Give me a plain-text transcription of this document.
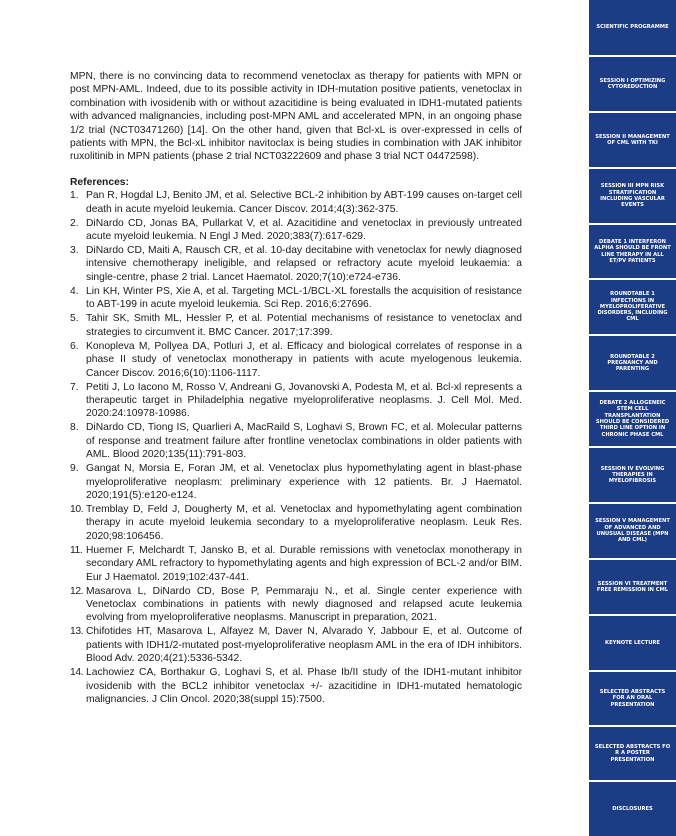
MPN, there is no convincing data to recommend venetoclax as therapy for patients with MPN or post MPN-AML. Indeed, due to its possible activity in IDH-mutation positive patients, venetoclax in combination with ivosidenib with or without azacitidine is being evaluated in IDH1-mutated patients with advanced malignancies, including post-MPN AML and accelerated MPN, in an ongoing phase 1/2 trial (NCT03471260) [14]. On the other hand, given that Bcl-xL is over-expressed in cells of patients with MPN, the Bcl-xL inhibitor navitoclax is being studies in combination with JAK inhibitor ruxolitinib in MPN patients (phase 2 trial NCT03222609 and phase 3 trial NCT 04472598).

References:
1. Pan R, Hogdal LJ, Benito JM, et al. Selective BCL-2 inhibition by ABT-199 causes on-target cell death in acute myeloid leukemia. Cancer Discov. 2014;4(3):362-375.
2. DiNardo CD, Jonas BA, Pullarkat V, et al. Azacitidine and venetoclax in previously untreated acute myeloid leukemia. N Engl J Med. 2020;383(7):617-629.
3. DiNardo CD, Maiti A, Rausch CR, et al. 10-day decitabine with venetoclax for newly diagnosed intensive chemotherapy ineligible, and relapsed or refractory acute myeloid leukaemia: a single-centre, phase 2 trial. Lancet Haematol. 2020;7(10):e724-e736.
4. Lin KH, Winter PS, Xie A, et al. Targeting MCL-1/BCL-XL forestalls the acquisition of resistance to ABT-199 in acute myeloid leukemia. Sci Rep. 2016;6:27696.
5. Tahir SK, Smith ML, Hessler P, et al. Potential mechanisms of resistance to venetoclax and strategies to circumvent it. BMC Cancer. 2017;17:399.
6. Konopleva M, Pollyea DA, Potluri J, et al. Efficacy and biological correlates of response in a phase II study of venetoclax monotherapy in patients with acute myelogenous leukemia. Cancer Discov. 2016;6(10):1106-1117.
7. Petiti J, Lo Iacono M, Rosso V, Andreani G, Jovanovski A, Podesta M, et al. Bcl-xl represents a therapeutic target in Philadelphia negative myeloproliferative neoplasms. J. Cell Mol. Med. 2020:24:10978-10986.
8. DiNardo CD, Tiong IS, Quarlieri A, MacRaild S, Loghavi S, Brown FC, et al. Molecular patterns of response and treatment failure after frontline venetoclax combinations in older patients with AML. Blood 2020;135(11):791-803.
9. Gangat N, Morsia E, Foran JM, et al. Venetoclax plus hypomethylating agent in blast-phase myeloproliferative neoplasm: preliminary experience with 12 patients. Br. J Haematol. 2020;191(5):e120-e124.
10. Tremblay D, Feld J, Dougherty M, et al. Venetoclax and hypomethylating agent combination therapy in acute myeloid leukemia secondary to a myeloproliferative neoplasm. Leuk Res. 2020;98:106456.
11. Huemer F, Melchardt T, Jansko B, et al. Durable remissions with venetoclax monotherapy in secondary AML refractory to hypomethylating agents and high expression of BCL-2 and/or BIM. Eur J Haematol. 2019;102:437-441.
12. Masarova L, DiNardo CD, Bose P, Pemmaraju N., et al. Single center experience with Venetoclax combinations in patients with newly diagnosed and relapsed acute leukemia evolving from myeloproliferative neoplasms. Manuscript in preparation, 2021.
13. Chifotides HT, Masarova L, Alfayez M, Daver N, Alvarado Y, Jabbour E, et al. Outcome of patients with IDH1/2-mutated post-myeloproliferative neoplasm AML in the era of IDH inhibitors. Blood Adv. 2020;4(21):5336-5342.
14. Lachowiez CA, Borthakur G, Loghavi S, et al. Phase Ib/II study of the IDH1-mutant inhibitor ivosidenib with the BCL2 inhibitor venetoclax +/- azacitidine in IDH1-mutated hematologic malignancies. J Clin Oncol. 2020;38(suppl 15):7500.
SCIENTIFIC PROGRAMME
SESSION I OPTIMIZING CYTOREDUCTION
SESSION II MANAGEMENT OF CML WITH TKI
SESSION III MPN RISK STRATIFICATION INCLUDING VASCULAR EVENTS
DEBATE 1 INTERFERON ALPHA SHOULD BE FRONT LINE THERAPY IN ALL ET/PV PATIENTS
ROUNDTABLE 1 INFECTIONS IN MYELOPROLIFERATIVE DISORDERS, INCLUDING CML
ROUNDTABLE 2 PREGNANCY AND PARENTING
DEBATE 2 ALLOGENEIC STEM CELL TRANSPLANTATION SHOULD BE CONSIDERED THIRD LINE OPTION IN CHRONIC PHASE CML
SESSION IV EVOLVING THERAPIES IN MYELOFIBROSIS
SESSION V MANAGEMENT OF ADVANCED AND UNUSUAL DISEASE (MPN AND CML)
SESSION VI TREATMENT FREE REMISSION IN CML
KEYNOTE LECTURE
SELECTED ABSTRACTS FOR AN ORAL PRESENTATION
SELECTED ABSTRACTS FO R A POSTER PRESENTATION
DISCLOSURES
